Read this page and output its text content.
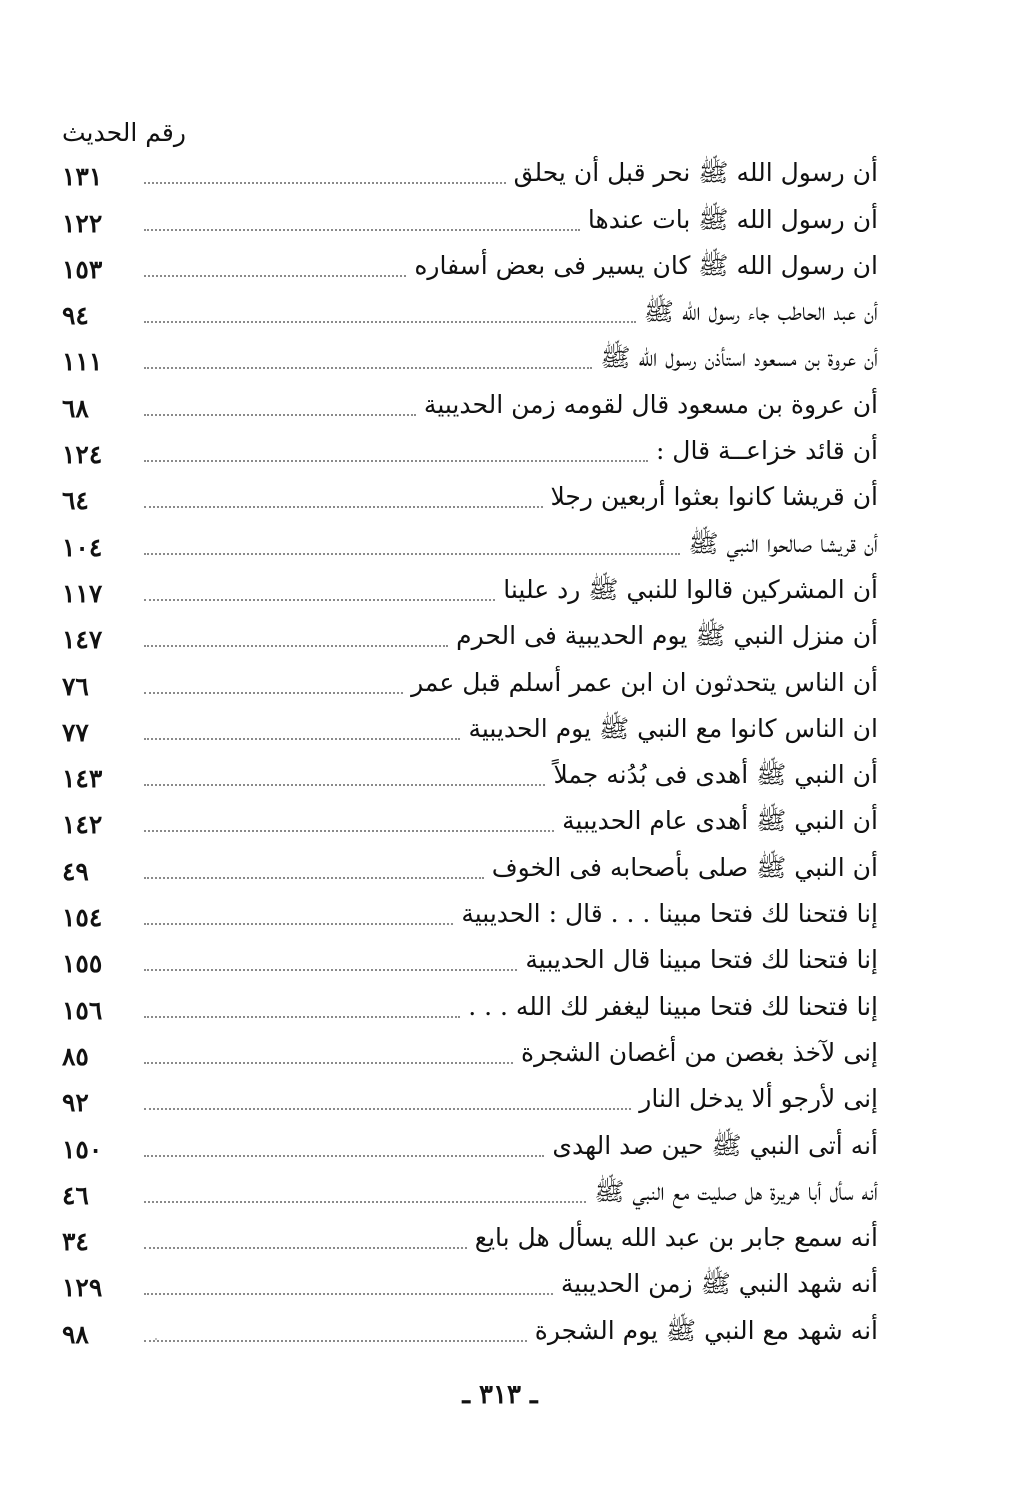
رقم الحديث
١٣١	أن رسول الله ﷺ نحر قبل أن يحلق
١٢٢	أن رسول الله ﷺ بات عندها
١٥٣	ان رسول الله ﷺ كان يسير فى بعض أسفاره
٩٤	أن عبد الحاطب جاء رسول الله ﷺ
١١١	أن عروة بن مسعود استأذن رسول الله ﷺ
٦٨	أن عروة بن مسعود قال لقومه زمن الحديبية
١٢٤	أن قائد خزاعــة قال :
٦٤	أن قريشا كانوا بعثوا أربعين رجلا
١٠٤	أن قريشا صالحوا النبي ﷺ
١١٧	أن المشركين قالوا للنبي ﷺ رد علينا
١٤٧	أن منزل النبي ﷺ يوم الحديبية فى الحرم
٧٦	أن الناس يتحدثون ان ابن عمر أسلم قبل عمر
٧٧	ان الناس كانوا مع النبي ﷺ يوم الحديبية
١٤٣	أن النبي ﷺ أهدى فى بُدُنه جملاً
١٤٢	أن النبي ﷺ أهدى عام الحديبية
٤٩	أن النبي ﷺ صلى بأصحابه فى الخوف
١٥٤	إنا فتحنا لك فتحا مبينا . . . قال : الحديبية
١٥٥	إنا فتحنا لك فتحا مبينا قال الحديبية
١٥٦	إنا فتحنا لك فتحا مبينا ليغفر لك الله . . .
٨٥	إنى لآخذ بغصن من أغصان الشجرة
٩٢	إنى لأرجو ألا يدخل النار
١٥٠	أنه أتى النبي ﷺ حين صد الهدى
٤٦	أنه سأل أبا هريرة هل صليت مع النبي ﷺ
٣٤	أنه سمع جابر بن عبد الله يسأل هل بايع
١٢٩	أنه شهد النبي ﷺ زمن الحديبية
٩٨	أنه شهد مع النبي ﷺ يوم الشجرة
ـ ٣١٣ ـ
